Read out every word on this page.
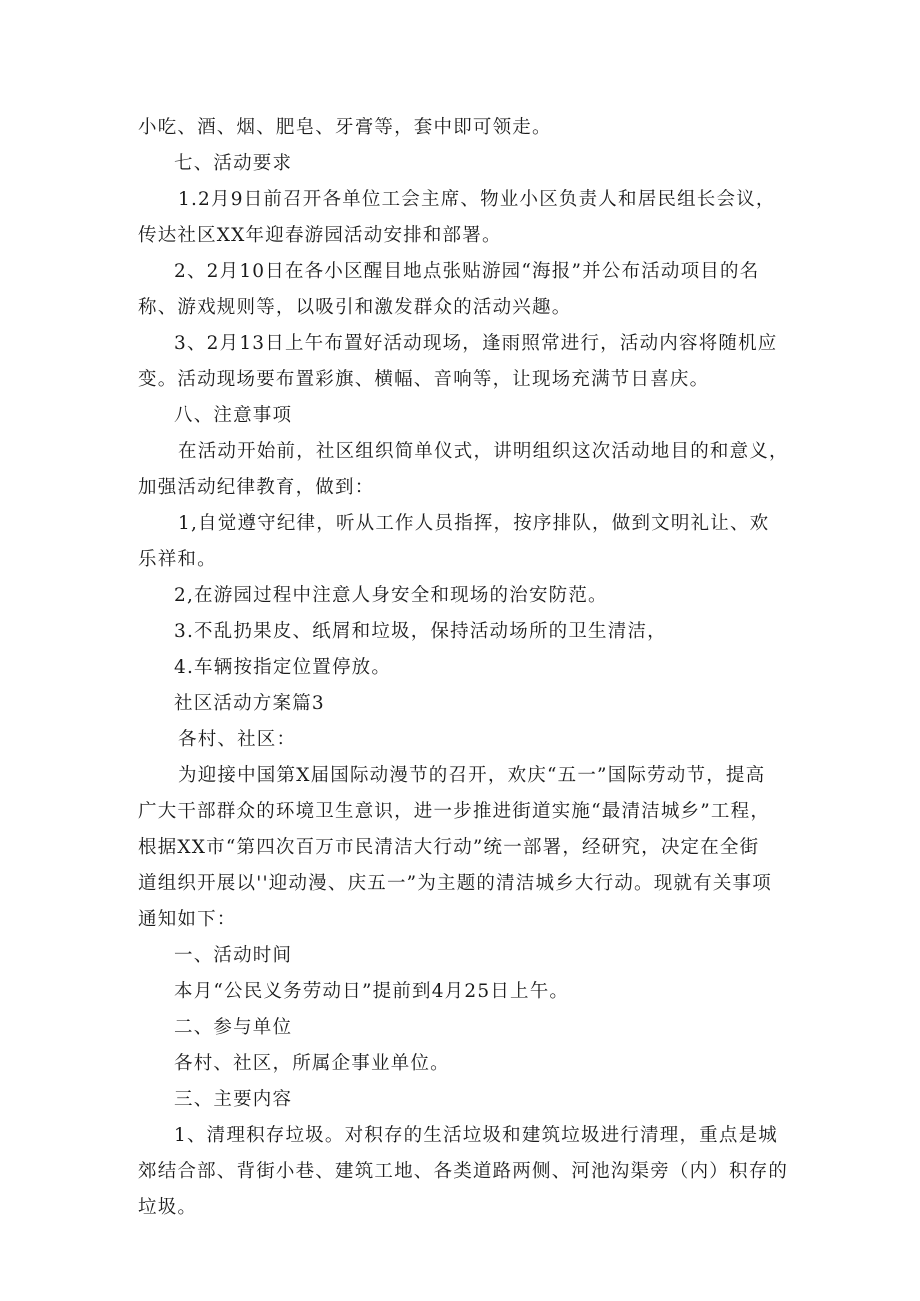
小吃、酒、烟、肥皂、牙膏等，套中即可领走。
七、活动要求
1.2月9日前召开各单位工会主席、物业小区负责人和居民组长会议，
传达社区XX年迎春游园活动安排和部署。
2、2月10日在各小区醒目地点张贴游园“海报”并公布活动项目的名
称、游戏规则等，以吸引和激发群众的活动兴趣。
3、2月13日上午布置好活动现场，逢雨照常进行，活动内容将随机应
变。活动现场要布置彩旗、横幅、音响等，让现场充满节日喜庆。
八、注意事项
在活动开始前，社区组织简单仪式，讲明组织这次活动地目的和意义，
加强活动纪律教育，做到：
1,自觉遵守纪律，听从工作人员指挥，按序排队，做到文明礼让、欢
乐祥和。
2,在游园过程中注意人身安全和现场的治安防范。
3.不乱扔果皮、纸屑和垃圾，保持活动场所的卫生清洁，
4.车辆按指定位置停放。
社区活动方案篇3
各村、社区：
为迎接中国第X届国际动漫节的召开，欢庆“五一”国际劳动节，提高
广大干部群众的环境卫生意识，进一步推进街道实施“最清洁城乡”工程，
根据XX市“第四次百万市民清洁大行动”统一部署，经研究，决定在全街
道组织开展以''迎动漫、庆五一”为主题的清洁城乡大行动。现就有关事项
通知如下：
一、活动时间
本月“公民义务劳动日”提前到4月25日上午。
二、参与单位
各村、社区，所属企事业单位。
三、主要内容
1、清理积存垃圾。对积存的生活垃圾和建筑垃圾进行清理，重点是城
郊结合部、背街小巷、建筑工地、各类道路两侧、河池沟渠旁（内）积存的
垃圾。
